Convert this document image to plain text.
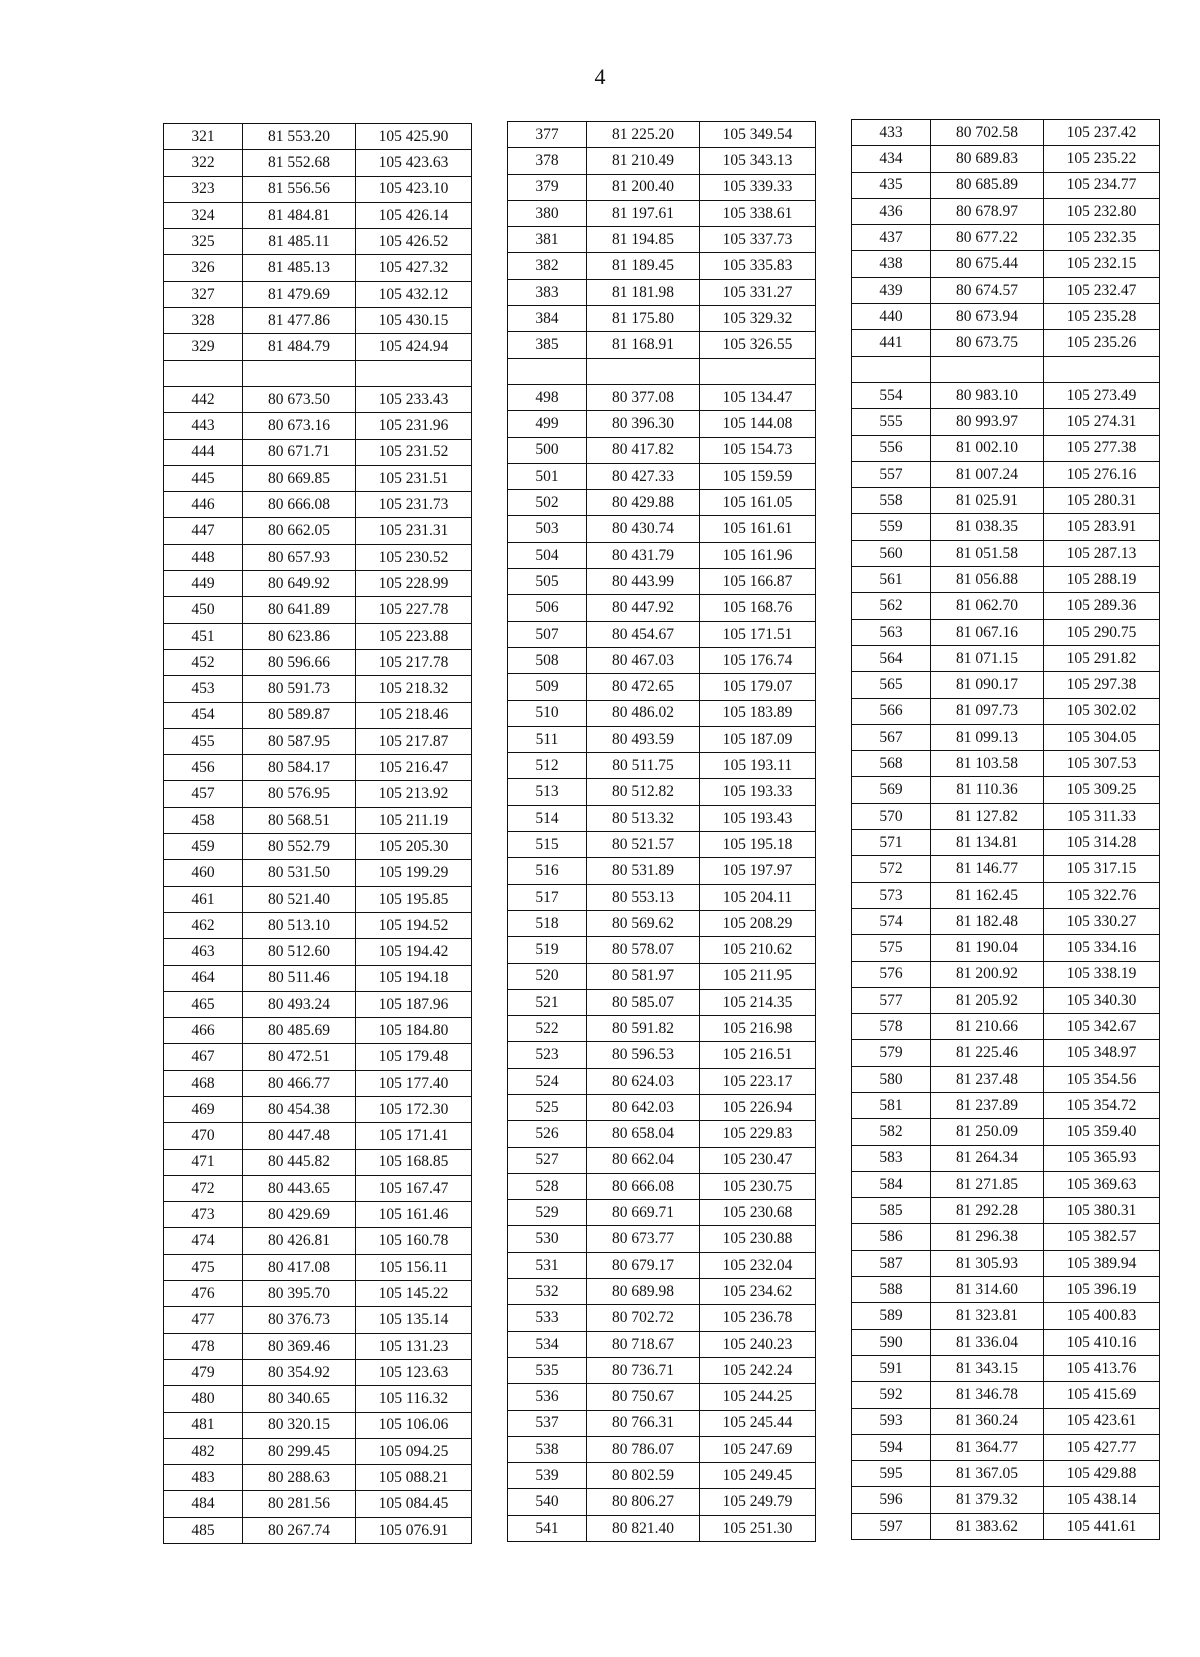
4
321	81 553.20	105 425.90
322	81 552.68	105 423.63
323	81 556.56	105 423.10
324	81 484.81	105 426.14
325	81 485.11	105 426.52
326	81 485.13	105 427.32
327	81 479.69	105 432.12
328	81 477.86	105 430.15
329	81 484.79	105 424.94

442	80 673.50	105 233.43
443	80 673.16	105 231.96
444	80 671.71	105 231.52
445	80 669.85	105 231.51
446	80 666.08	105 231.73
447	80 662.05	105 231.31
448	80 657.93	105 230.52
449	80 649.92	105 228.99
450	80 641.89	105 227.78
451	80 623.86	105 223.88
452	80 596.66	105 217.78
453	80 591.73	105 218.32
454	80 589.87	105 218.46
455	80 587.95	105 217.87
456	80 584.17	105 216.47
457	80 576.95	105 213.92
458	80 568.51	105 211.19
459	80 552.79	105 205.30
460	80 531.50	105 199.29
461	80 521.40	105 195.85
462	80 513.10	105 194.52
463	80 512.60	105 194.42
464	80 511.46	105 194.18
465	80 493.24	105 187.96
466	80 485.69	105 184.80
467	80 472.51	105 179.48
468	80 466.77	105 177.40
469	80 454.38	105 172.30
470	80 447.48	105 171.41
471	80 445.82	105 168.85
472	80 443.65	105 167.47
473	80 429.69	105 161.46
474	80 426.81	105 160.78
475	80 417.08	105 156.11
476	80 395.70	105 145.22
477	80 376.73	105 135.14
478	80 369.46	105 131.23
479	80 354.92	105 123.63
480	80 340.65	105 116.32
481	80 320.15	105 106.06
482	80 299.45	105 094.25
483	80 288.63	105 088.21
484	80 281.56	105 084.45
485	80 267.74	105 076.91
377	81 225.20	105 349.54
378	81 210.49	105 343.13
379	81 200.40	105 339.33
380	81 197.61	105 338.61
381	81 194.85	105 337.73
382	81 189.45	105 335.83
383	81 181.98	105 331.27
384	81 175.80	105 329.32
385	81 168.91	105 326.55

498	80 377.08	105 134.47
499	80 396.30	105 144.08
500	80 417.82	105 154.73
501	80 427.33	105 159.59
502	80 429.88	105 161.05
503	80 430.74	105 161.61
504	80 431.79	105 161.96
505	80 443.99	105 166.87
506	80 447.92	105 168.76
507	80 454.67	105 171.51
508	80 467.03	105 176.74
509	80 472.65	105 179.07
510	80 486.02	105 183.89
511	80 493.59	105 187.09
512	80 511.75	105 193.11
513	80 512.82	105 193.33
514	80 513.32	105 193.43
515	80 521.57	105 195.18
516	80 531.89	105 197.97
517	80 553.13	105 204.11
518	80 569.62	105 208.29
519	80 578.07	105 210.62
520	80 581.97	105 211.95
521	80 585.07	105 214.35
522	80 591.82	105 216.98
523	80 596.53	105 216.51
524	80 624.03	105 223.17
525	80 642.03	105 226.94
526	80 658.04	105 229.83
527	80 662.04	105 230.47
528	80 666.08	105 230.75
529	80 669.71	105 230.68
530	80 673.77	105 230.88
531	80 679.17	105 232.04
532	80 689.98	105 234.62
533	80 702.72	105 236.78
534	80 718.67	105 240.23
535	80 736.71	105 242.24
536	80 750.67	105 244.25
537	80 766.31	105 245.44
538	80 786.07	105 247.69
539	80 802.59	105 249.45
540	80 806.27	105 249.79
541	80 821.40	105 251.30
433	80 702.58	105 237.42
434	80 689.83	105 235.22
435	80 685.89	105 234.77
436	80 678.97	105 232.80
437	80 677.22	105 232.35
438	80 675.44	105 232.15
439	80 674.57	105 232.47
440	80 673.94	105 235.28
441	80 673.75	105 235.26

554	80 983.10	105 273.49
555	80 993.97	105 274.31
556	81 002.10	105 277.38
557	81 007.24	105 276.16
558	81 025.91	105 280.31
559	81 038.35	105 283.91
560	81 051.58	105 287.13
561	81 056.88	105 288.19
562	81 062.70	105 289.36
563	81 067.16	105 290.75
564	81 071.15	105 291.82
565	81 090.17	105 297.38
566	81 097.73	105 302.02
567	81 099.13	105 304.05
568	81 103.58	105 307.53
569	81 110.36	105 309.25
570	81 127.82	105 311.33
571	81 134.81	105 314.28
572	81 146.77	105 317.15
573	81 162.45	105 322.76
574	81 182.48	105 330.27
575	81 190.04	105 334.16
576	81 200.92	105 338.19
577	81 205.92	105 340.30
578	81 210.66	105 342.67
579	81 225.46	105 348.97
580	81 237.48	105 354.56
581	81 237.89	105 354.72
582	81 250.09	105 359.40
583	81 264.34	105 365.93
584	81 271.85	105 369.63
585	81 292.28	105 380.31
586	81 296.38	105 382.57
587	81 305.93	105 389.94
588	81 314.60	105 396.19
589	81 323.81	105 400.83
590	81 336.04	105 410.16
591	81 343.15	105 413.76
592	81 346.78	105 415.69
593	81 360.24	105 423.61
594	81 364.77	105 427.77
595	81 367.05	105 429.88
596	81 379.32	105 438.14
597	81 383.62	105 441.61
